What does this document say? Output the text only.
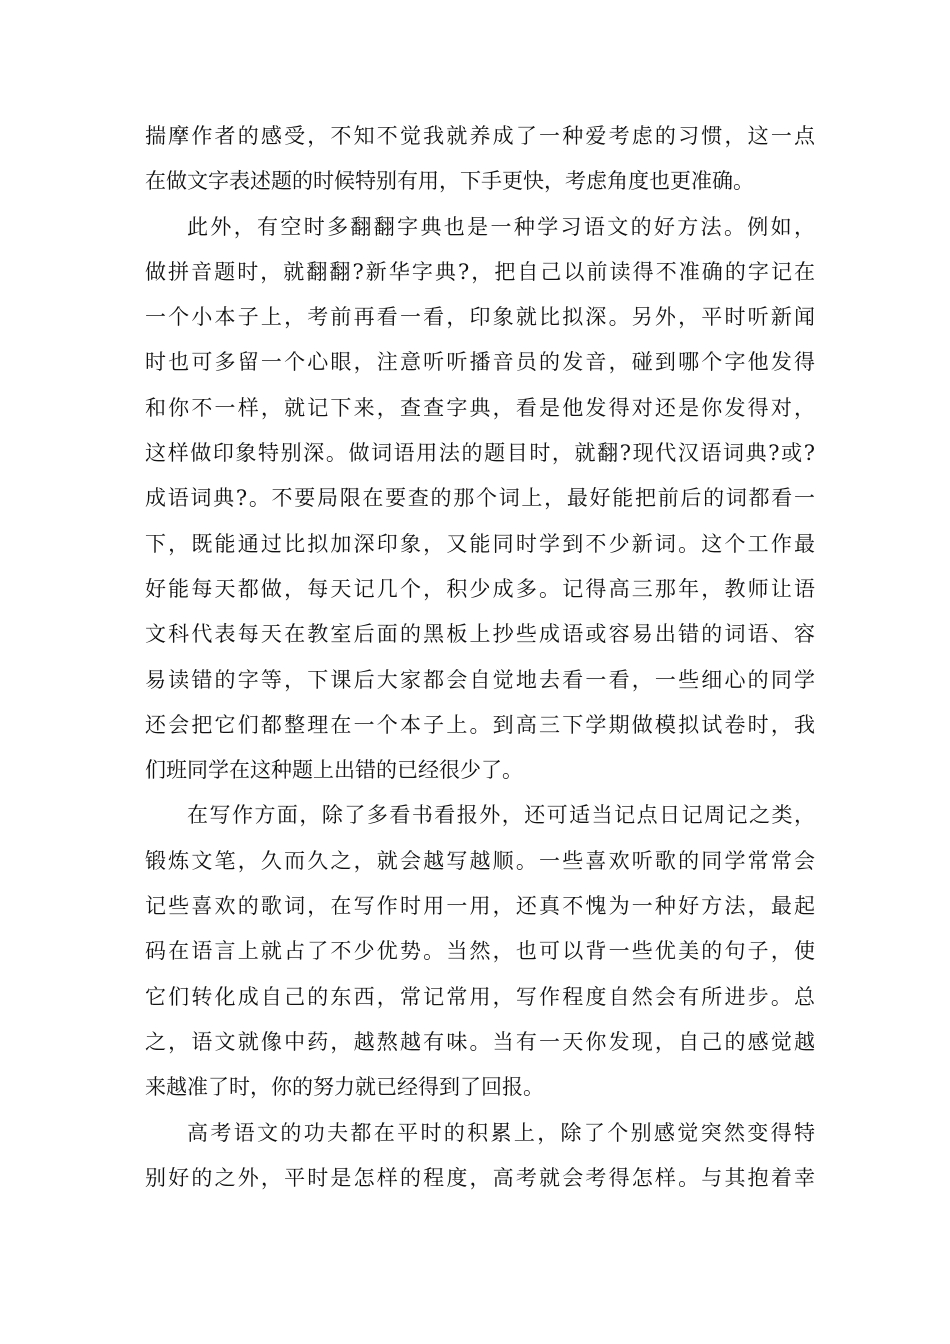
揣摩作者的感受，不知不觉我就养成了一种爱考虑的习惯，这一点
在做文字表述题的时候特别有用，下手更快，考虑角度也更准确。
此外，有空时多翻翻字典也是一种学习语文的好方法。例如，
做拼音题时，就翻翻?新华字典?，把自己以前读得不准确的字记在
一个小本子上，考前再看一看，印象就比拟深。另外，平时听新闻
时也可多留一个心眼，注意听听播音员的发音，碰到哪个字他发得
和你不一样，就记下来，查查字典，看是他发得对还是你发得对，
这样做印象特别深。做词语用法的题目时，就翻?现代汉语词典?或?
成语词典?。不要局限在要查的那个词上，最好能把前后的词都看一
下，既能通过比拟加深印象，又能同时学到不少新词。这个工作最
好能每天都做，每天记几个，积少成多。记得高三那年，教师让语
文科代表每天在教室后面的黑板上抄些成语或容易出错的词语、容
易读错的字等，下课后大家都会自觉地去看一看，一些细心的同学
还会把它们都整理在一个本子上。到高三下学期做模拟试卷时，我
们班同学在这种题上出错的已经很少了。
在写作方面，除了多看书看报外，还可适当记点日记周记之类，
锻炼文笔，久而久之，就会越写越顺。一些喜欢听歌的同学常常会
记些喜欢的歌词，在写作时用一用，还真不愧为一种好方法，最起
码在语言上就占了不少优势。当然，也可以背一些优美的句子，使
它们转化成自己的东西，常记常用，写作程度自然会有所进步。总
之，语文就像中药，越熬越有味。当有一天你发现，自己的感觉越
来越准了时，你的努力就已经得到了回报。
高考语文的功夫都在平时的积累上，除了个别感觉突然变得特
别好的之外，平时是怎样的程度，高考就会考得怎样。与其抱着幸
